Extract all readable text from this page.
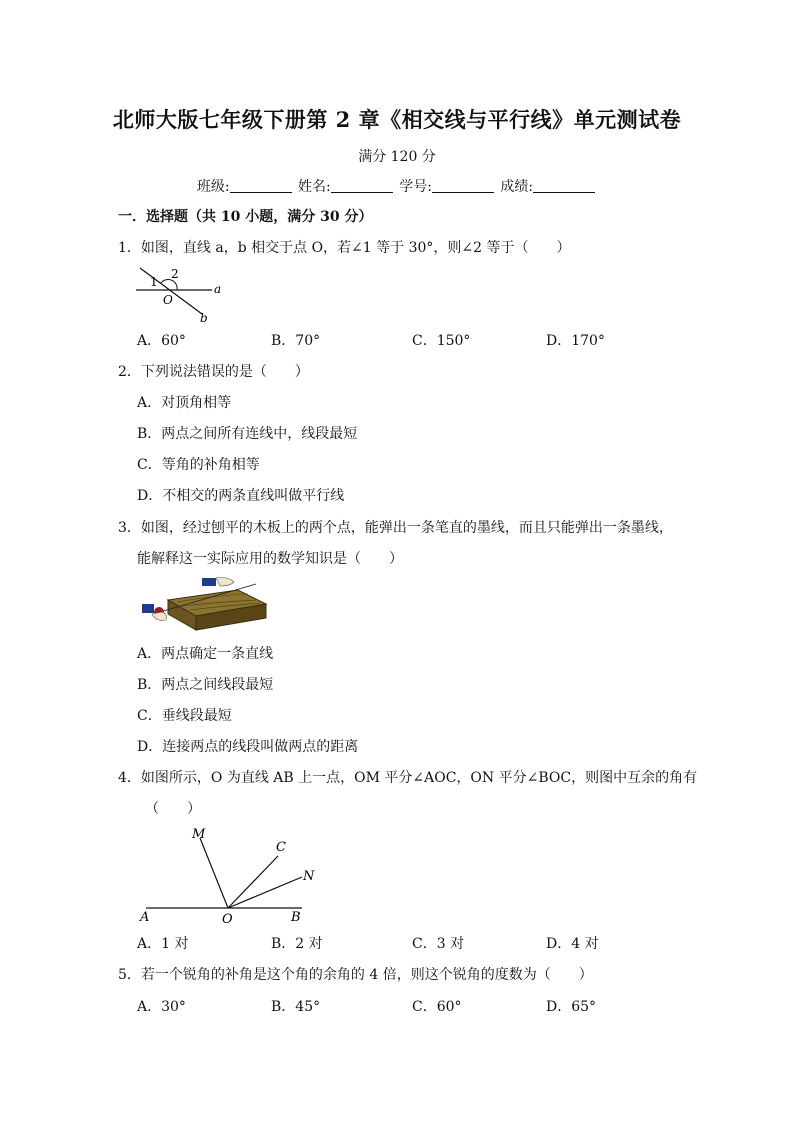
北师大版七年级下册第 2 章《相交线与平行线》单元测试卷
满分 120 分
班级:	姓名:	学号:	成绩:
一．选择题（共 10 小题，满分 30 分）
1．如图，直线 a，b 相交于点 O，若∠1 等于 30°，则∠2 等于（　　）
1
2
O
a
b
A．60°	B．70°	C．150°	D．170°
2．下列说法错误的是（　　）
A．对顶角相等
B．两点之间所有连线中，线段最短
C．等角的补角相等
D．不相交的两条直线叫做平行线
3．如图，经过刨平的木板上的两个点，能弹出一条笔直的墨线，而且只能弹出一条墨线，
能解释这一实际应用的数学知识是（　　）
A．两点确定一条直线
B．两点之间线段最短
C．垂线段最短
D．连接两点的线段叫做两点的距离
4．如图所示，O 为直线 AB 上一点，OM 平分∠AOC，ON 平分∠BOC，则图中互余的角有
（　　）
M
C
N
A	O	B
A．1 对	B．2 对	C．3 对	D．4 对
5．若一个锐角的补角是这个角的余角的 4 倍，则这个锐角的度数为（　　）
A．30°	B．45°	C．60°	D．65°
